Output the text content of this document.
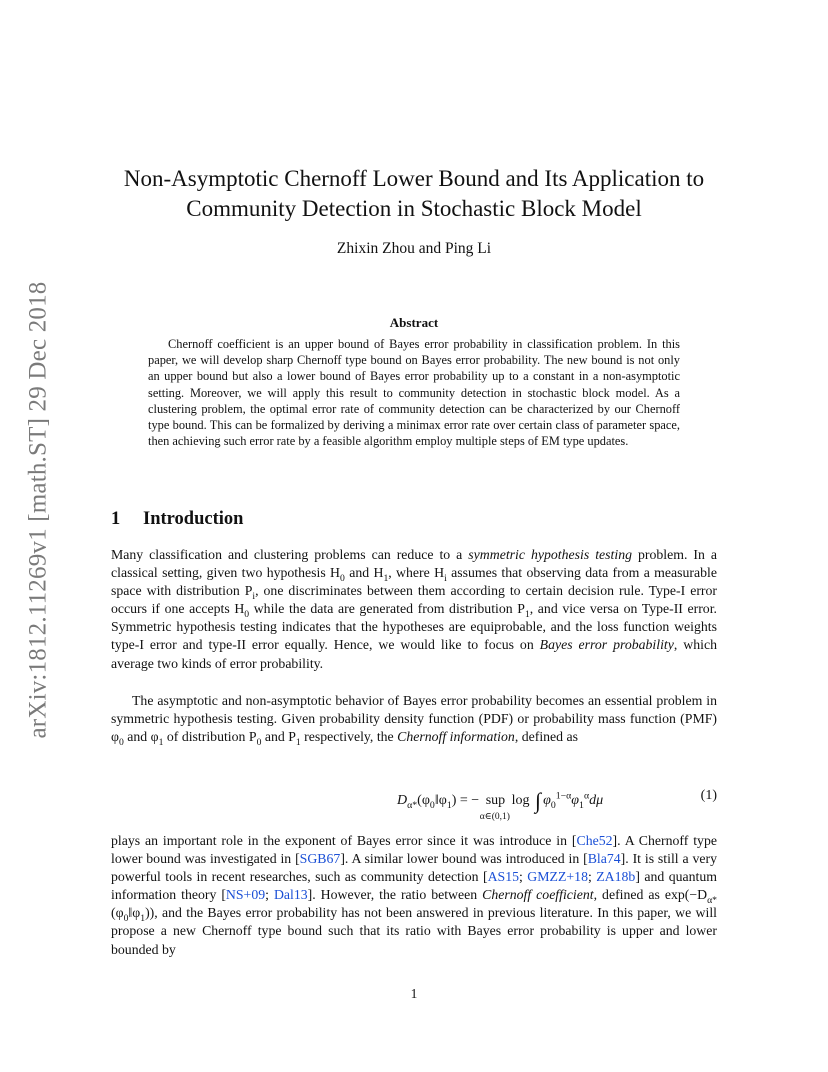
arXiv:1812.11269v1 [math.ST] 29 Dec 2018
Non-Asymptotic Chernoff Lower Bound and Its Application to
Community Detection in Stochastic Block Model
Zhixin Zhou and Ping Li
Abstract
Chernoff coefficient is an upper bound of Bayes error probability in classification problem. In this paper, we will develop sharp Chernoff type bound on Bayes error probability. The new bound is not only an upper bound but also a lower bound of Bayes error probability up to a constant in a non-asymptotic setting. Moreover, we will apply this result to community detection in stochastic block model. As a clustering problem, the optimal error rate of community detection can be characterized by our Chernoff type bound. This can be formalized by deriving a minimax error rate over certain class of parameter space, then achieving such error rate by a feasible algorithm employ multiple steps of EM type updates.
1 Introduction
Many classification and clustering problems can reduce to a symmetric hypothesis testing problem. In a classical setting, given two hypothesis $H_0$ and $H_1$, where $H_i$ assumes that observing data from a measurable space with distribution $P_i$, one discriminates between them according to certain decision rule. Type-I error occurs if one accepts $H_0$ while the data are generated from distribution $P_1$, and vice versa on Type-II error. Symmetric hypothesis testing indicates that the hypotheses are equiprobable, and the loss function weights type-I error and type-II error equally. Hence, we would like to focus on Bayes error probability, which average two kinds of error probability.
The asymptotic and non-asymptotic behavior of Bayes error probability becomes an essential problem in symmetric hypothesis testing. Given probability density function (PDF) or probability mass function (PMF) $\varphi_0$ and $\varphi_1$ of distribution $P_0$ and $P_1$ respectively, the Chernoff information, defined as
$D_{\alpha*}(\varphi_0‖\varphi_1)$ = − sup
α∈(0,1)
log ∫ $\varphi_0^{1-\alpha}\varphi_1^\alpha d\mu$	(1)
plays an important role in the exponent of Bayes error since it was introduce in [Che52]. A Chernoff type lower bound was investigated in [SGB67]. A similar lower bound was introduced in [Bla74]. It is still a very powerful tools in recent researches, such as community detection [AS15; GMZZ+18; ZA18b] and quantum information theory [NS+09; Dal13]. However, the ratio between Chernoff coefficient, defined as $\exp(-D_{\alpha*}(\varphi_0‖\varphi_1))$, and the Bayes error probability has not been answered in previous literature. In this paper, we will propose a new Chernoff type bound such that its ratio with Bayes error probability is upper and lower bounded by
1
